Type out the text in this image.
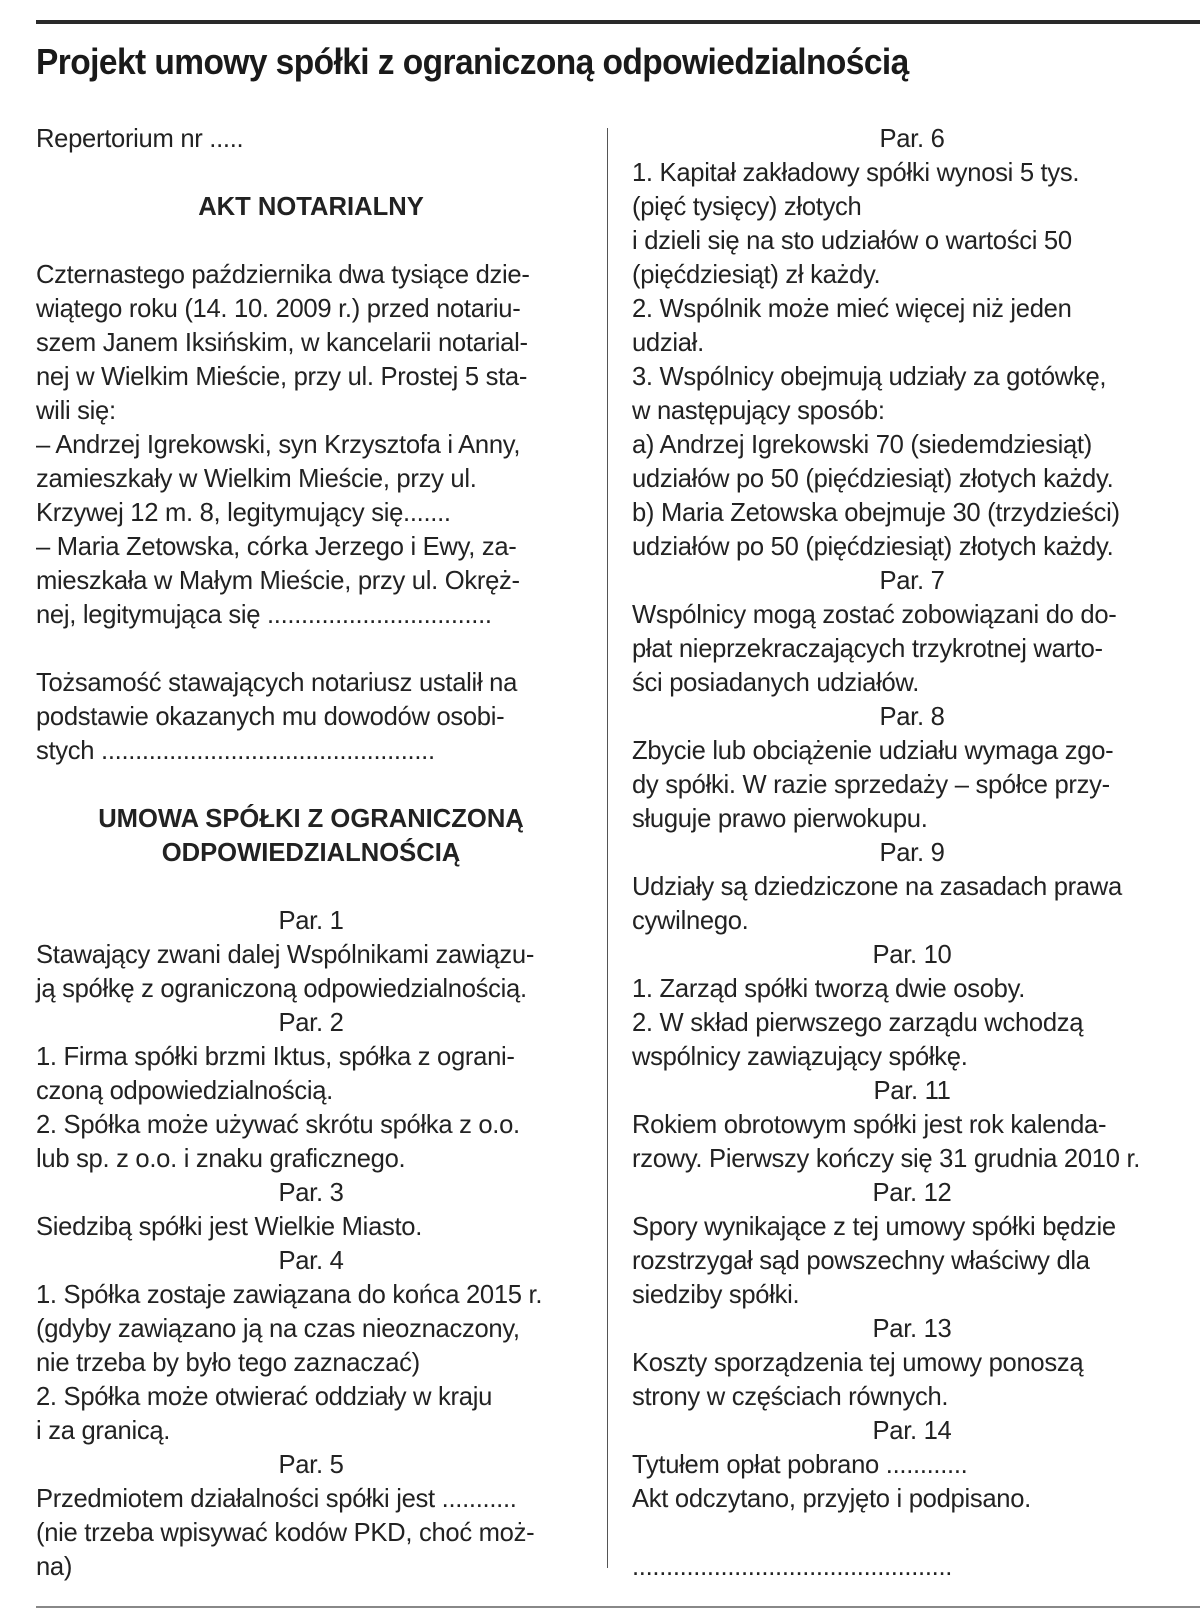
Projekt umowy spółki z ograniczoną odpowiedzialnością
Repertorium nr .....
AKT NOTARIALNY
Czternastego października dwa tysiące dzie-
wiątego roku (14. 10. 2009 r.) przed notariu-
szem Janem Iksińskim, w kancelarii notarial-
nej w Wielkim Mieście, przy ul. Prostej 5 sta-
wili się:
– Andrzej Igrekowski, syn Krzysztofa i Anny,
zamieszkały w Wielkim Mieście, przy ul.
Krzywej 12 m. 8, legitymujący się.......
– Maria Zetowska, córka Jerzego i Ewy, za-
mieszkała w Małym Mieście, przy ul. Okręż-
nej, legitymująca się .................................
Tożsamość stawających notariusz ustalił na
podstawie okazanych mu dowodów osobi-
stych .................................................
UMOWA SPÓŁKI Z OGRANICZONĄ
ODPOWIEDZIALNOŚCIĄ
Par. 1
Stawający zwani dalej Wspólnikami zawiązu-
ją spółkę z ograniczoną odpowiedzialnością.
Par. 2
1. Firma spółki brzmi Iktus, spółka z ograni-
czoną odpowiedzialnością.
2. Spółka może używać skrótu spółka z o.o.
lub sp. z o.o. i znaku graficznego.
Par. 3
Siedzibą spółki jest Wielkie Miasto.
Par. 4
1. Spółka zostaje zawiązana do końca 2015 r.
(gdyby zawiązano ją na czas nieoznaczony,
nie trzeba by było tego zaznaczać)
2. Spółka może otwierać oddziały w kraju
i za granicą.
Par. 5
Przedmiotem działalności spółki jest ...........
(nie trzeba wpisywać kodów PKD, choć moż-
na)
Par. 6
1. Kapitał zakładowy spółki wynosi 5 tys.
(pięć tysięcy) złotych
i dzieli się na sto udziałów o wartości 50
(pięćdziesiąt) zł każdy.
2. Wspólnik może mieć więcej niż jeden
udział.
3. Wspólnicy obejmują udziały za gotówkę,
w następujący sposób:
a) Andrzej Igrekowski 70 (siedemdziesiąt)
udziałów po 50 (pięćdziesiąt) złotych każdy.
b) Maria Zetowska obejmuje 30 (trzydzieści)
udziałów po 50 (pięćdziesiąt) złotych każdy.
Par. 7
Wspólnicy mogą zostać zobowiązani do do-
płat nieprzekraczających trzykrotnej warto-
ści posiadanych udziałów.
Par. 8
Zbycie lub obciążenie udziału wymaga zgo-
dy spółki. W razie sprzedaży – spółce przy-
sługuje prawo pierwokupu.
Par. 9
Udziały są dziedziczone na zasadach prawa
cywilnego.
Par. 10
1. Zarząd spółki tworzą dwie osoby.
2. W skład pierwszego zarządu wchodzą
wspólnicy zawiązujący spółkę.
Par. 11
Rokiem obrotowym spółki jest rok kalenda-
rzowy. Pierwszy kończy się 31 grudnia 2010 r.
Par. 12
Spory wynikające z tej umowy spółki będzie
rozstrzygał sąd powszechny właściwy dla
siedziby spółki.
Par. 13
Koszty sporządzenia tej umowy ponoszą
strony w częściach równych.
Par. 14
Tytułem opłat pobrano ............
Akt odczytano, przyjęto i podpisano.
...............................................
